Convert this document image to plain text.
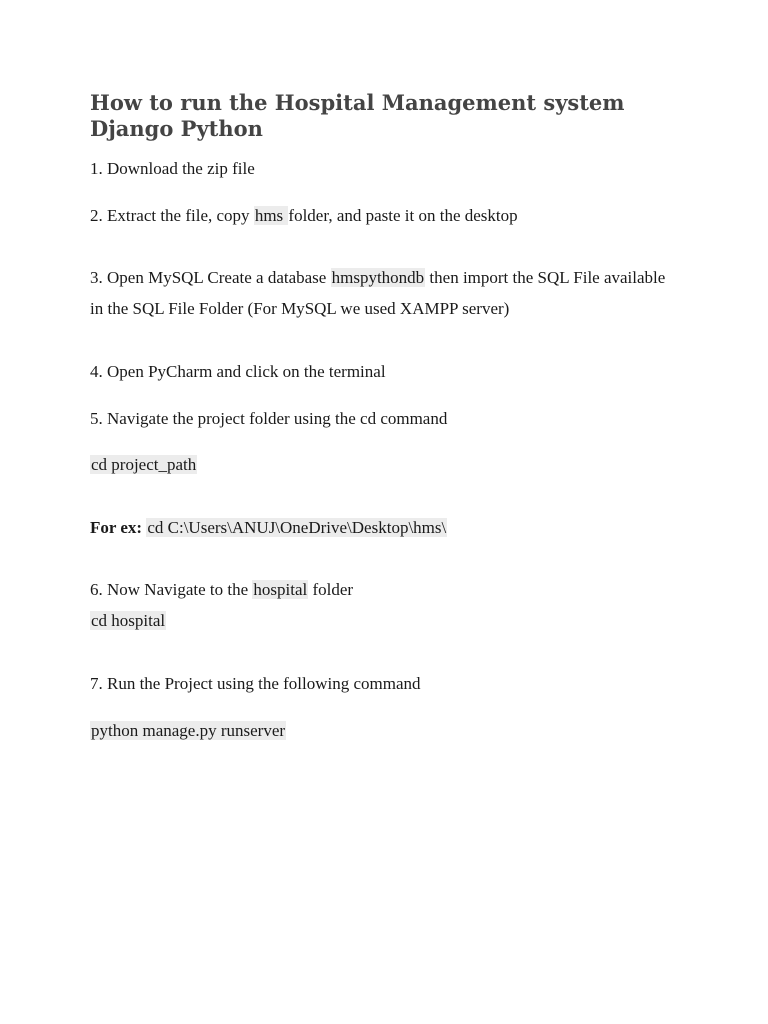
How to run the Hospital Management system Django Python

1. Download the zip file

2. Extract the file, copy hms folder, and paste it on the desktop

3. Open MySQL Create a database hmspythondb then import the SQL File available in the SQL File Folder (For MySQL we used XAMPP server)

4. Open PyCharm and click on the terminal

5. Navigate the project folder using the cd command

cd project_path

For ex: cd C:\Users\ANUJ\OneDrive\Desktop\hms\

6. Now Navigate to the hospital folder

cd hospital

7. Run the Project using the following command

python manage.py runserver
